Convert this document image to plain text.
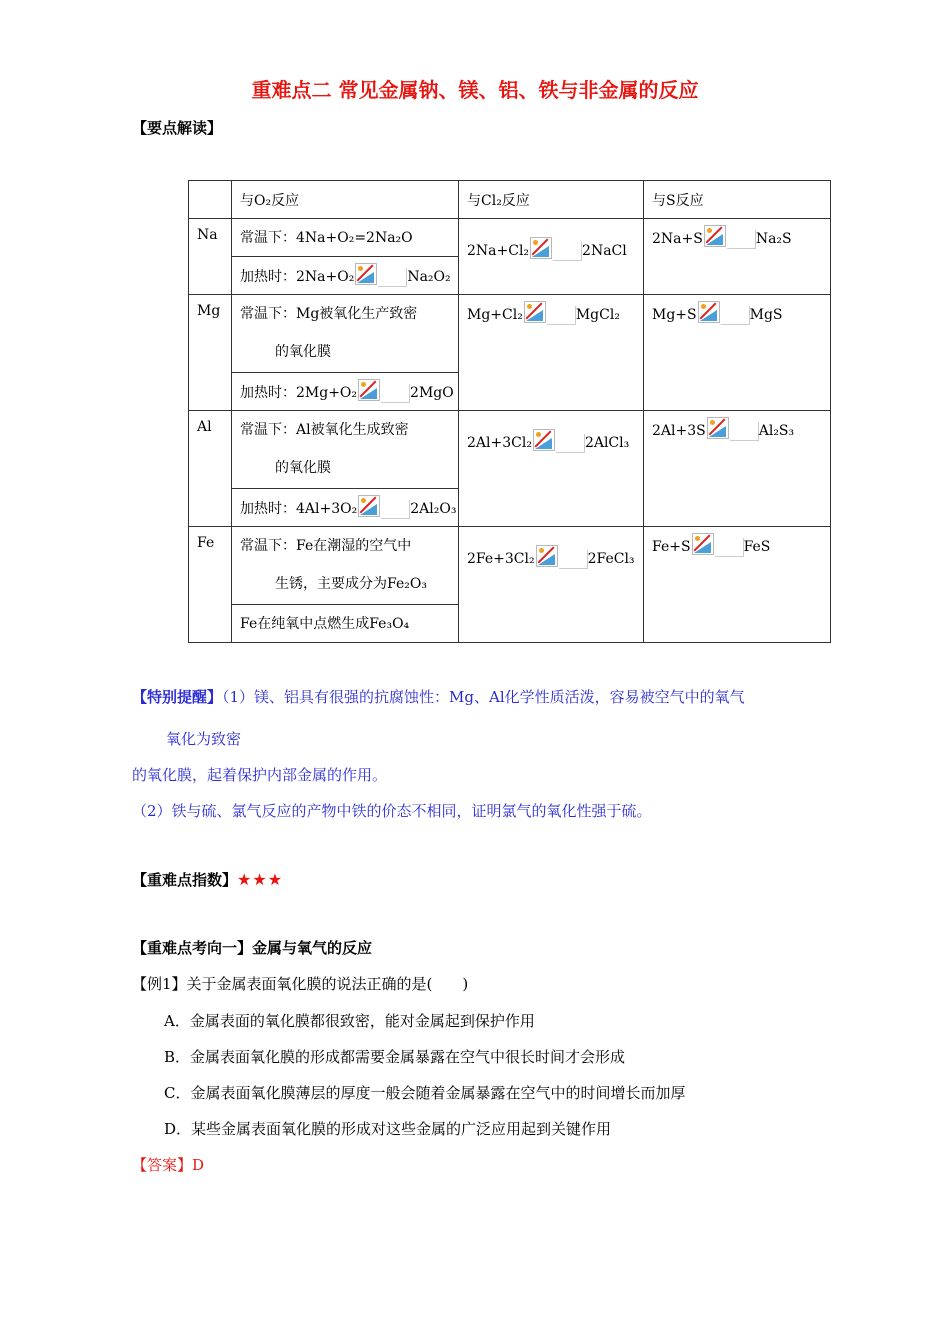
重难点二 常见金属钠、镁、铝、铁与非金属的反应
【要点解读】

	与O₂反应	与Cl₂反应	与S反应

Na	常温下：4Na+O₂=2Na₂O	2Na+Cl₂ 2NaCl	2Na+S Na₂S

	加热时：2Na+O₂ Na₂O₂		

Mg	常温下：Mg被氧化生产致密
的氧化膜	Mg+Cl₂ MgCl₂	Mg+S MgS

	加热时：2Mg+O₂ 2MgO		

Al	常温下：Al被氧化生成致密
的氧化膜	2Al+3Cl₂ 2AlCl₃	2Al+3S Al₂S₃

	加热时：4Al+3O₂ 2Al₂O₃		

Fe	常温下：Fe在潮湿的空气中
生锈，主要成分为Fe₂O₃	2Fe+3Cl₂ 2FeCl₃	Fe+S FeS

	Fe在纯氧中点燃生成Fe₃O₄		
【特别提醒】（1）镁、铝具有很强的抗腐蚀性：Mg、Al化学性质活泼，容易被空气中的氧气
氧化为致密
的氧化膜，起着保护内部金属的作用。
（2）铁与硫、氯气反应的产物中铁的价态不相同，证明氯气的氧化性强于硫。
【重难点指数】★★★
【重难点考向一】金属与氧气的反应
【例1】关于金属表面氧化膜的说法正确的是(　　)
A．金属表面的氧化膜都很致密，能对金属起到保护作用
B．金属表面氧化膜的形成都需要金属暴露在空气中很长时间才会形成
C．金属表面氧化膜薄层的厚度一般会随着金属暴露在空气中的时间增长而加厚
D．某些金属表面氧化膜的形成对这些金属的广泛应用起到关键作用
【答案】D
